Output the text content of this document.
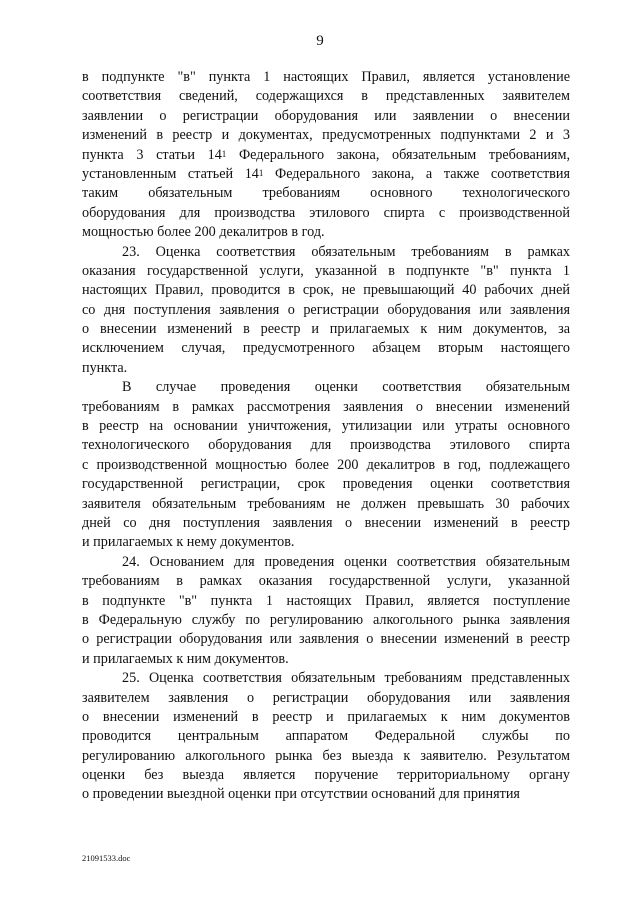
9
в подпункте "в" пункта 1 настоящих Правил, является установление
соответствия сведений, содержащихся в представленных заявителем
заявлении о регистрации оборудования или заявлении о внесении
изменений в реестр и документах, предусмотренных подпунктами 2 и 3
пункта 3 статьи $14^1$ Федерального закона, обязательным требованиям,
установленным статьей $14^1$ Федерального закона, а также соответствия
таким обязательным требованиям основного технологического
оборудования для производства этилового спирта с производственной
мощностью более 200 декалитров в год.
23. Оценка соответствия обязательным требованиям в рамках
оказания государственной услуги, указанной в подпункте "в" пункта 1
настоящих Правил, проводится в срок, не превышающий 40 рабочих дней
со дня поступления заявления о регистрации оборудования или заявления
о внесении изменений в реестр и прилагаемых к ним документов, за
исключением случая, предусмотренного абзацем вторым настоящего
пункта.
В случае проведения оценки соответствия обязательным
требованиям в рамках рассмотрения заявления о внесении изменений
в реестр на основании уничтожения, утилизации или утраты основного
технологического оборудования для производства этилового спирта
с производственной мощностью более 200 декалитров в год, подлежащего
государственной регистрации, срок проведения оценки соответствия
заявителя обязательным требованиям не должен превышать 30 рабочих
дней со дня поступления заявления о внесении изменений в реестр
и прилагаемых к нему документов.
24. Основанием для проведения оценки соответствия обязательным
требованиям в рамках оказания государственной услуги, указанной
в подпункте "в" пункта 1 настоящих Правил, является поступление
в Федеральную службу по регулированию алкогольного рынка заявления
о регистрации оборудования или заявления о внесении изменений в реестр
и прилагаемых к ним документов.
25. Оценка соответствия обязательным требованиям представленных
заявителем заявления о регистрации оборудования или заявления
о внесении изменений в реестр и прилагаемых к ним документов
проводится центральным аппаратом Федеральной службы по
регулированию алкогольного рынка без выезда к заявителю. Результатом
оценки без выезда является поручение территориальному органу
о проведении выездной оценки при отсутствии оснований для принятия
21091533.doc
